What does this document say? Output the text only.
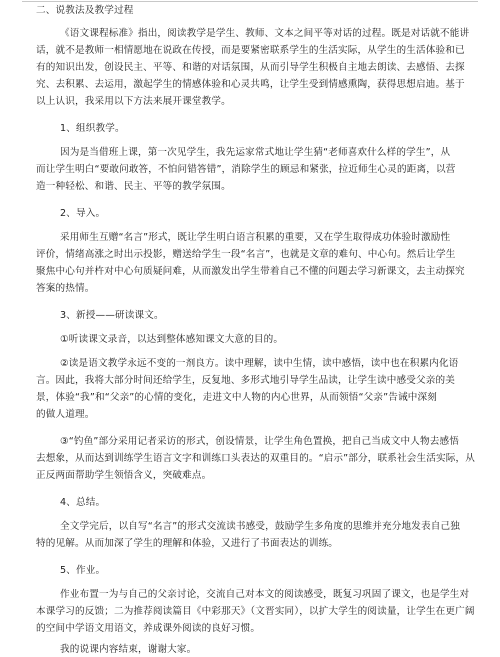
二、说教法及教学过程
《语文课程标准》指出，阅读教学是学生、教师、文本之间平等对话的过程。既是对话就不能讲
话，就不是教师一相情愿地在说政在传授，而是要紧密联系学生的生活实际，从学生的生活体验和已
有的知识出发，创设民主、平等、和谐的对话氛围，从而引导学生积极自主地去朗读、去感悟、去探
究、去积累、去运用，激起学生的情感体验和心灵共鸣，让学生受到情感熏陶，获得思想启迪。基于
以上认识，我采用以下方法来展开课堂教学。
1、组织教学。
因为是当借班上课，第一次见学生，我先运家常式地让学生猜“老师喜欢什么样的学生”，从
而让学生明白“要敢问敢答，不怕问错答错”，消除学生的顾忌和紧张，拉近师生心灵的距离，以营
造一种轻松、和谐、民主、平等的教学氛围。
2、导入。
采用师生互赠“名言”形式，既让学生明白语言积累的重要，又在学生取得成功体验时激励性
评价，情绪高涨之时出示投影，赠送给学生一段“名言”，也就是文章的难句、中心句。然后让学生
聚焦中心句并杵对中心句质疑问难，从而激发出学生带着自己不懂的问题去学习新课文，去主动探究
答案的热情。
3、新授——研读课文。
①听读课文录音，以达到整体感知课文大意的目的。
②读是语文教学永远不变的一剂良方。读中理解，读中生情，读中感悟，读中也在积累内化语
言。因此，我将大部分时间还给学生，反复地、多形式地引导学生品读，让学生读中感受父亲的美
景，体验“我”和“父亲”的心情的变化，走进文中人物的内心世界，从而领悟“父亲”告诫中深刻
的做人道理。
③“钓鱼”部分采用记者采访的形式，创设情景，让学生角色置换，把自己当成文中人物去感悟
去想象，从而达到训练学生语言文字和训练口头表达的双重目的。“启示”部分，联系社会生活实际，从
正反两面帮助学生领悟含义，突破难点。
4、总结。
全文学完后，以自写“名言”的形式交流读书感受，鼓励学生多角度的思维并充分地发表自己独
特的见解。从而加深了学生的理解和体验，又进行了书面表达的训练。
5、作业。
作业布置一为与自己的父亲讨论，交流自己对本文的阅读感受，既复习巩固了课文，也是学生对
本课学习的反馈；二为推荐阅读篇目《中彩那天》（文晋实同），以扩大学生的阅读量，让学生在更广阔
的空间中学语文用语文，养成课外阅读的良好习惯。
我的说课内容结束，谢谢大家。
